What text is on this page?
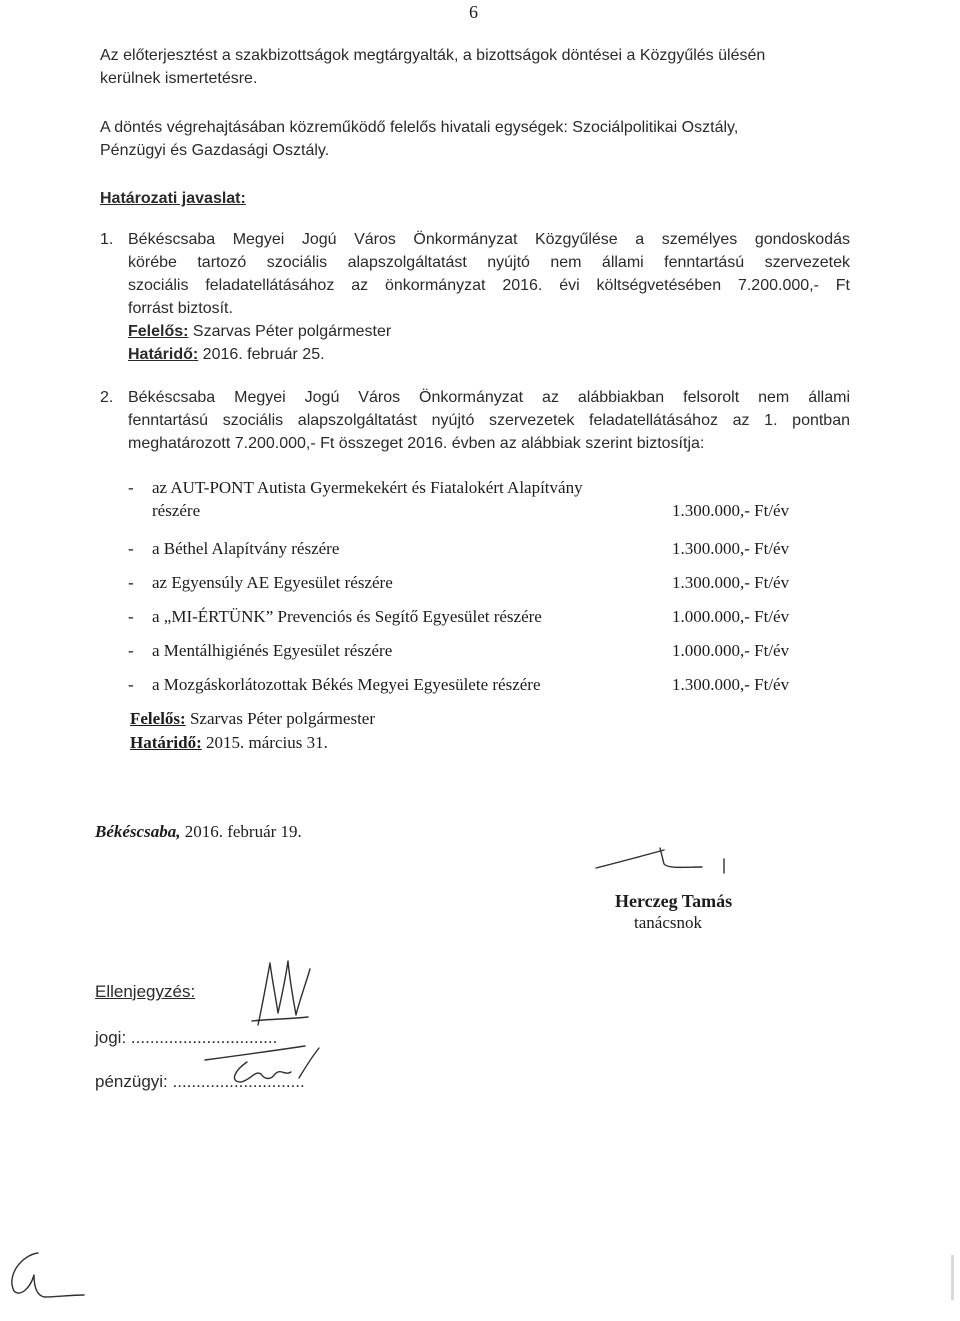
6
Az előterjesztést a szakbizottságok megtárgyalták, a bizottságok döntései a Közgyűlés ülésén
kerülnek ismertetésre.
A döntés végrehajtásában közreműködő felelős hivatali egységek: Szociálpolitikai Osztály,
Pénzügyi és Gazdasági Osztály.
Határozati javaslat:
1. Békéscsaba Megyei Jogú Város Önkormányzat Közgyűlése a személyes gondoskodás
körébe tartozó szociális alapszolgáltatást nyújtó nem állami fenntartású szervezetek
szociális feladatellátásához az önkormányzat 2016. évi költségvetésében 7.200.000,- Ft
forrást biztosít.
Felelős: Szarvas Péter polgármester
Határidő: 2016. február 25.
2. Békéscsaba Megyei Jogú Város Önkormányzat az alábbiakban felsorolt nem állami
fenntartású szociális alapszolgáltatást nyújtó szervezetek feladatellátásához az 1. pontban
meghatározott 7.200.000,- Ft összeget 2016. évben az alábbiak szerint biztosítja:
- az AUT-PONT Autista Gyermekekért és Fiatalokért Alapítvány
részére	1.300.000,- Ft/év
- a Béthel Alapítvány részére	1.300.000,- Ft/év
- az Egyensúly AE Egyesület részére	1.300.000,- Ft/év
- a „MI-ÉRTÜNK” Prevenciós és Segítő Egyesület részére	1.000.000,- Ft/év
- a Mentálhigiénés Egyesület részére	1.000.000,- Ft/év
- a Mozgáskorlátozottak Békés Megyei Egyesülete részére	1.300.000,- Ft/év
Felelős: Szarvas Péter polgármester
Határidő: 2015. március 31.
Békéscsaba, 2016. február 19.
Herczeg Tamás
tanácsnok
Ellenjegyzés:
jogi: ...............................
pénzügyi: ............................
